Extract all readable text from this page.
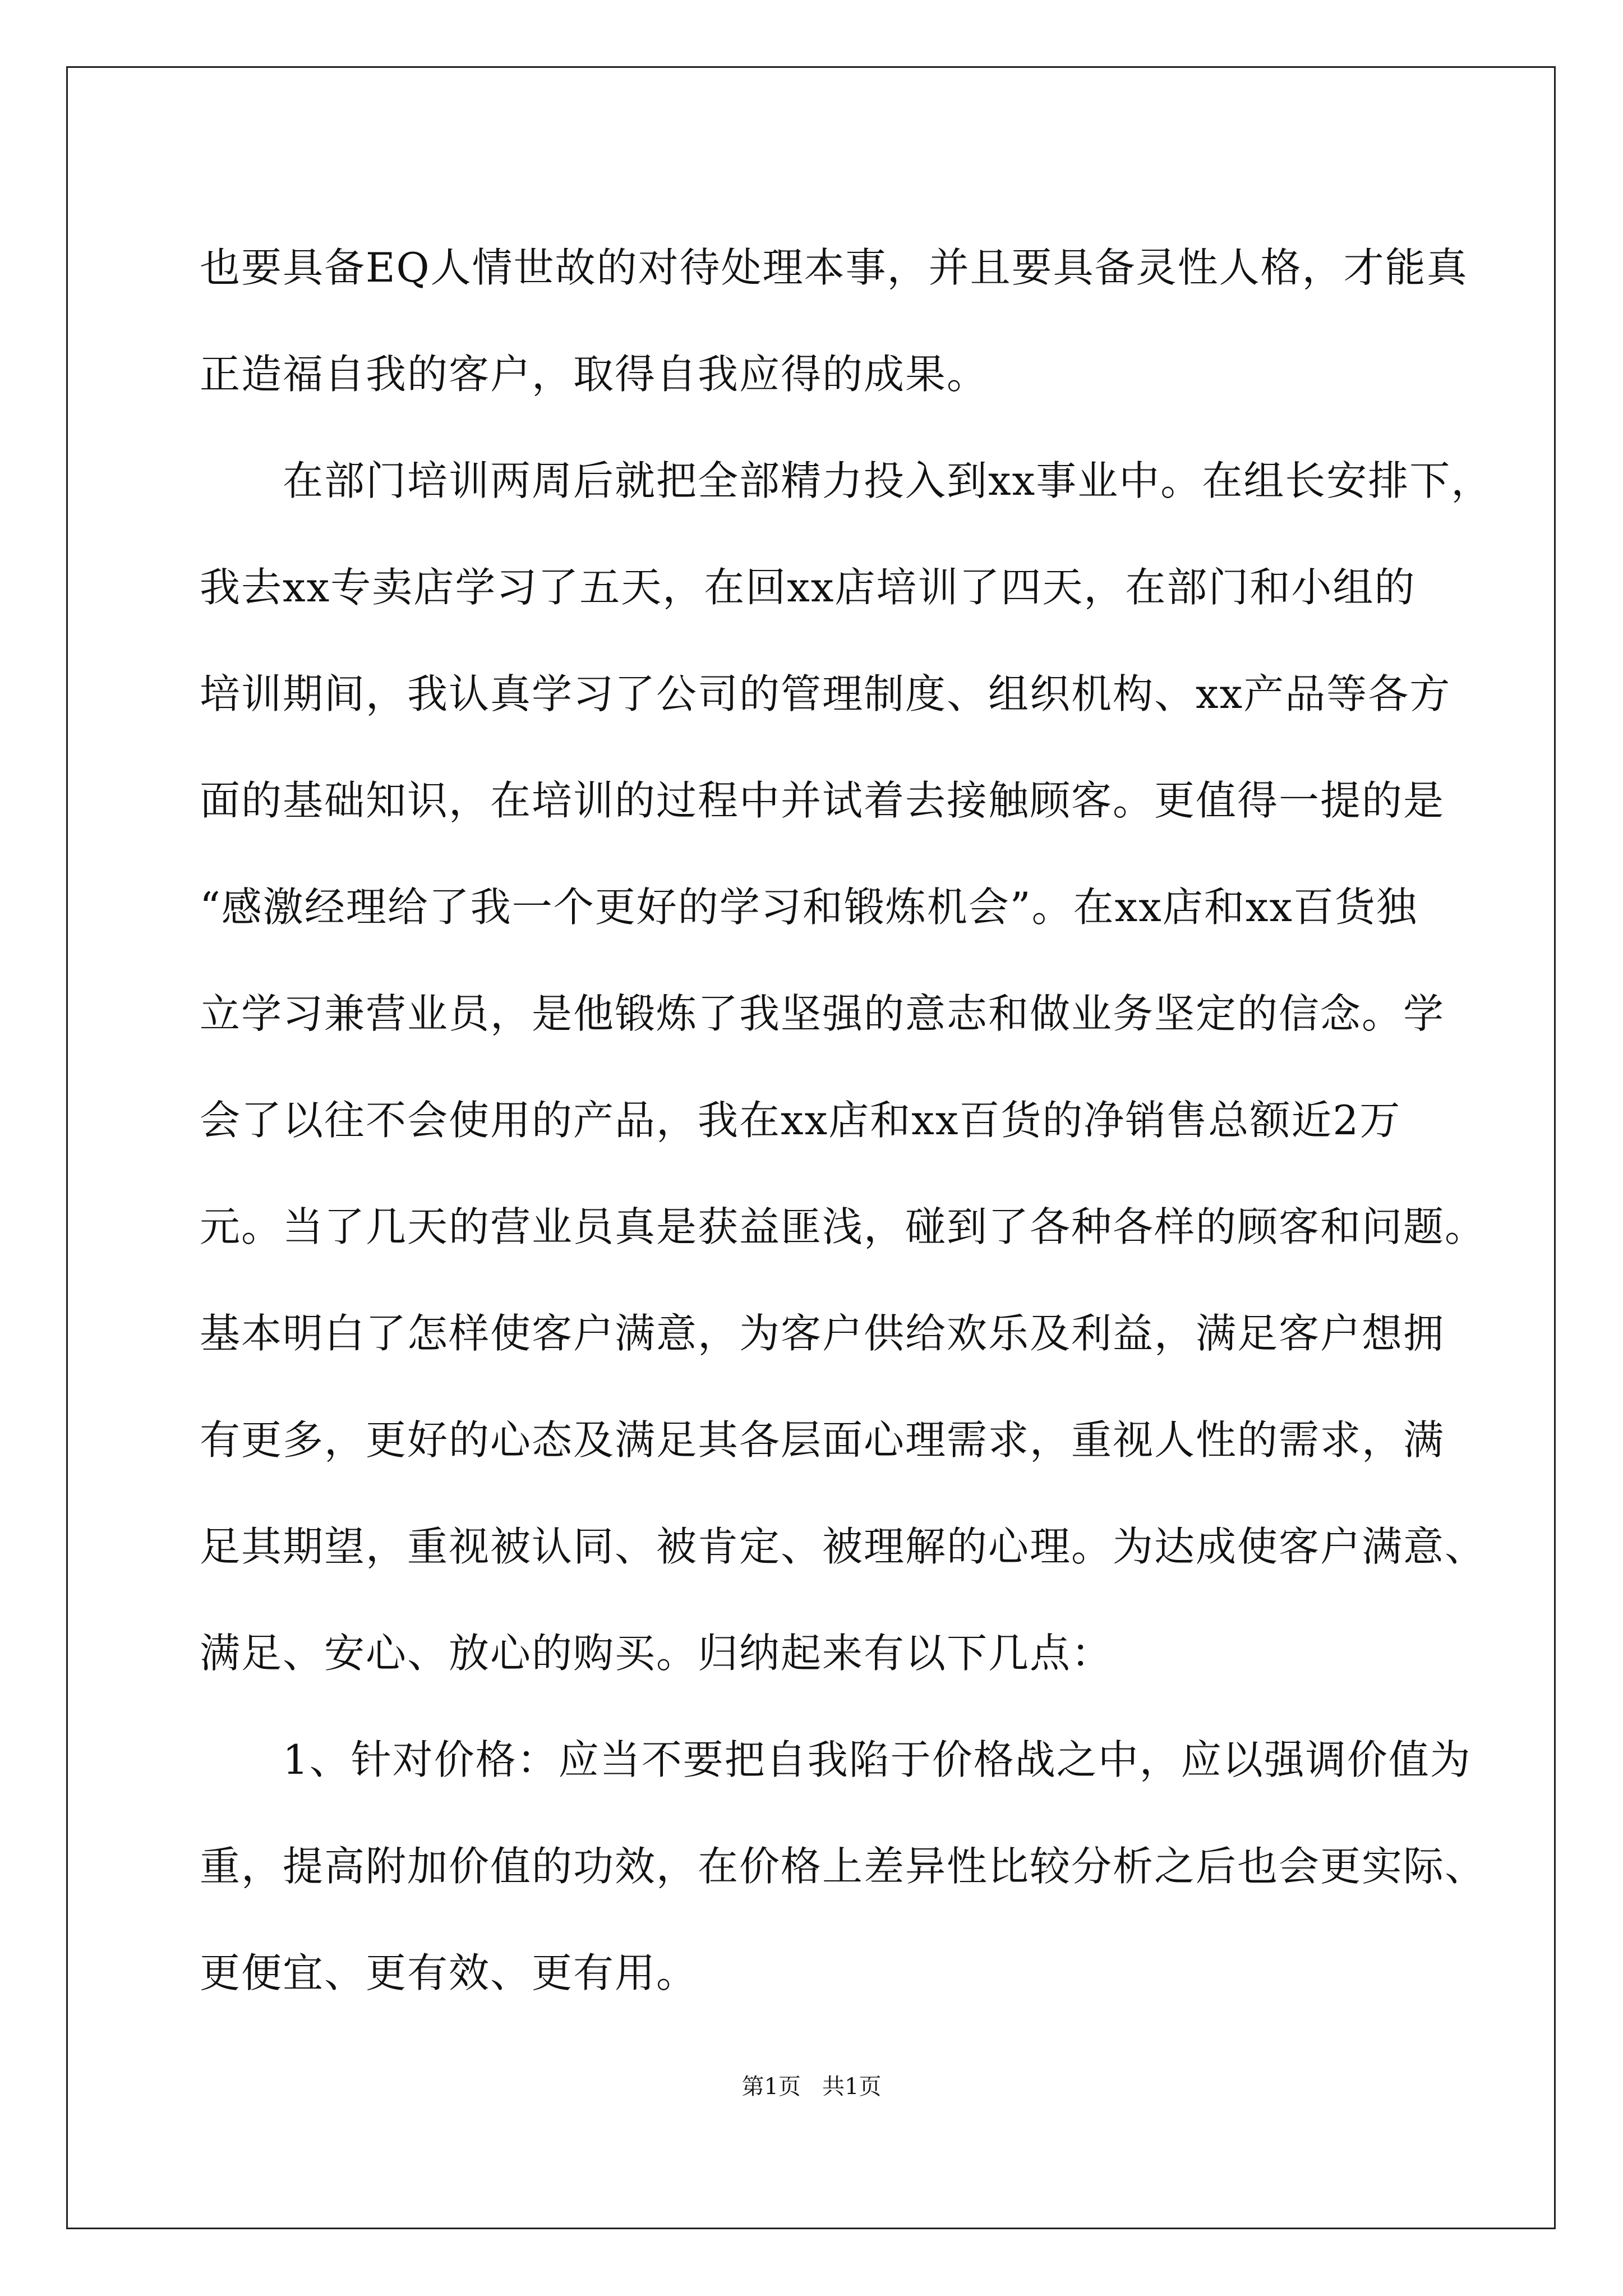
也要具备EQ人情世故的对待处理本事，并且要具备灵性人格，才能真
正造福自我的客户，取得自我应得的成果。
在部门培训两周后就把全部精力投入到xx事业中。在组长安排下，
我去xx专卖店学习了五天，在回xx店培训了四天，在部门和小组的
培训期间，我认真学习了公司的管理制度、组织机构、xx产品等各方
面的基础知识，在培训的过程中并试着去接触顾客。更值得一提的是
“感激经理给了我一个更好的学习和锻炼机会”。在xx店和xx百货独
立学习兼营业员，是他锻炼了我坚强的意志和做业务坚定的信念。学
会了以往不会使用的产品，我在xx店和xx百货的净销售总额近2万
元。当了几天的营业员真是获益匪浅，碰到了各种各样的顾客和问题。
基本明白了怎样使客户满意，为客户供给欢乐及利益，满足客户想拥
有更多，更好的心态及满足其各层面心理需求，重视人性的需求，满
足其期望，重视被认同、被肯定、被理解的心理。为达成使客户满意、
满足、安心、放心的购买。归纳起来有以下几点：
1、针对价格：应当不要把自我陷于价格战之中，应以强调价值为
重，提高附加价值的功效，在价格上差异性比较分析之后也会更实际、
更便宜、更有效、更有用。
第1页   共1页
